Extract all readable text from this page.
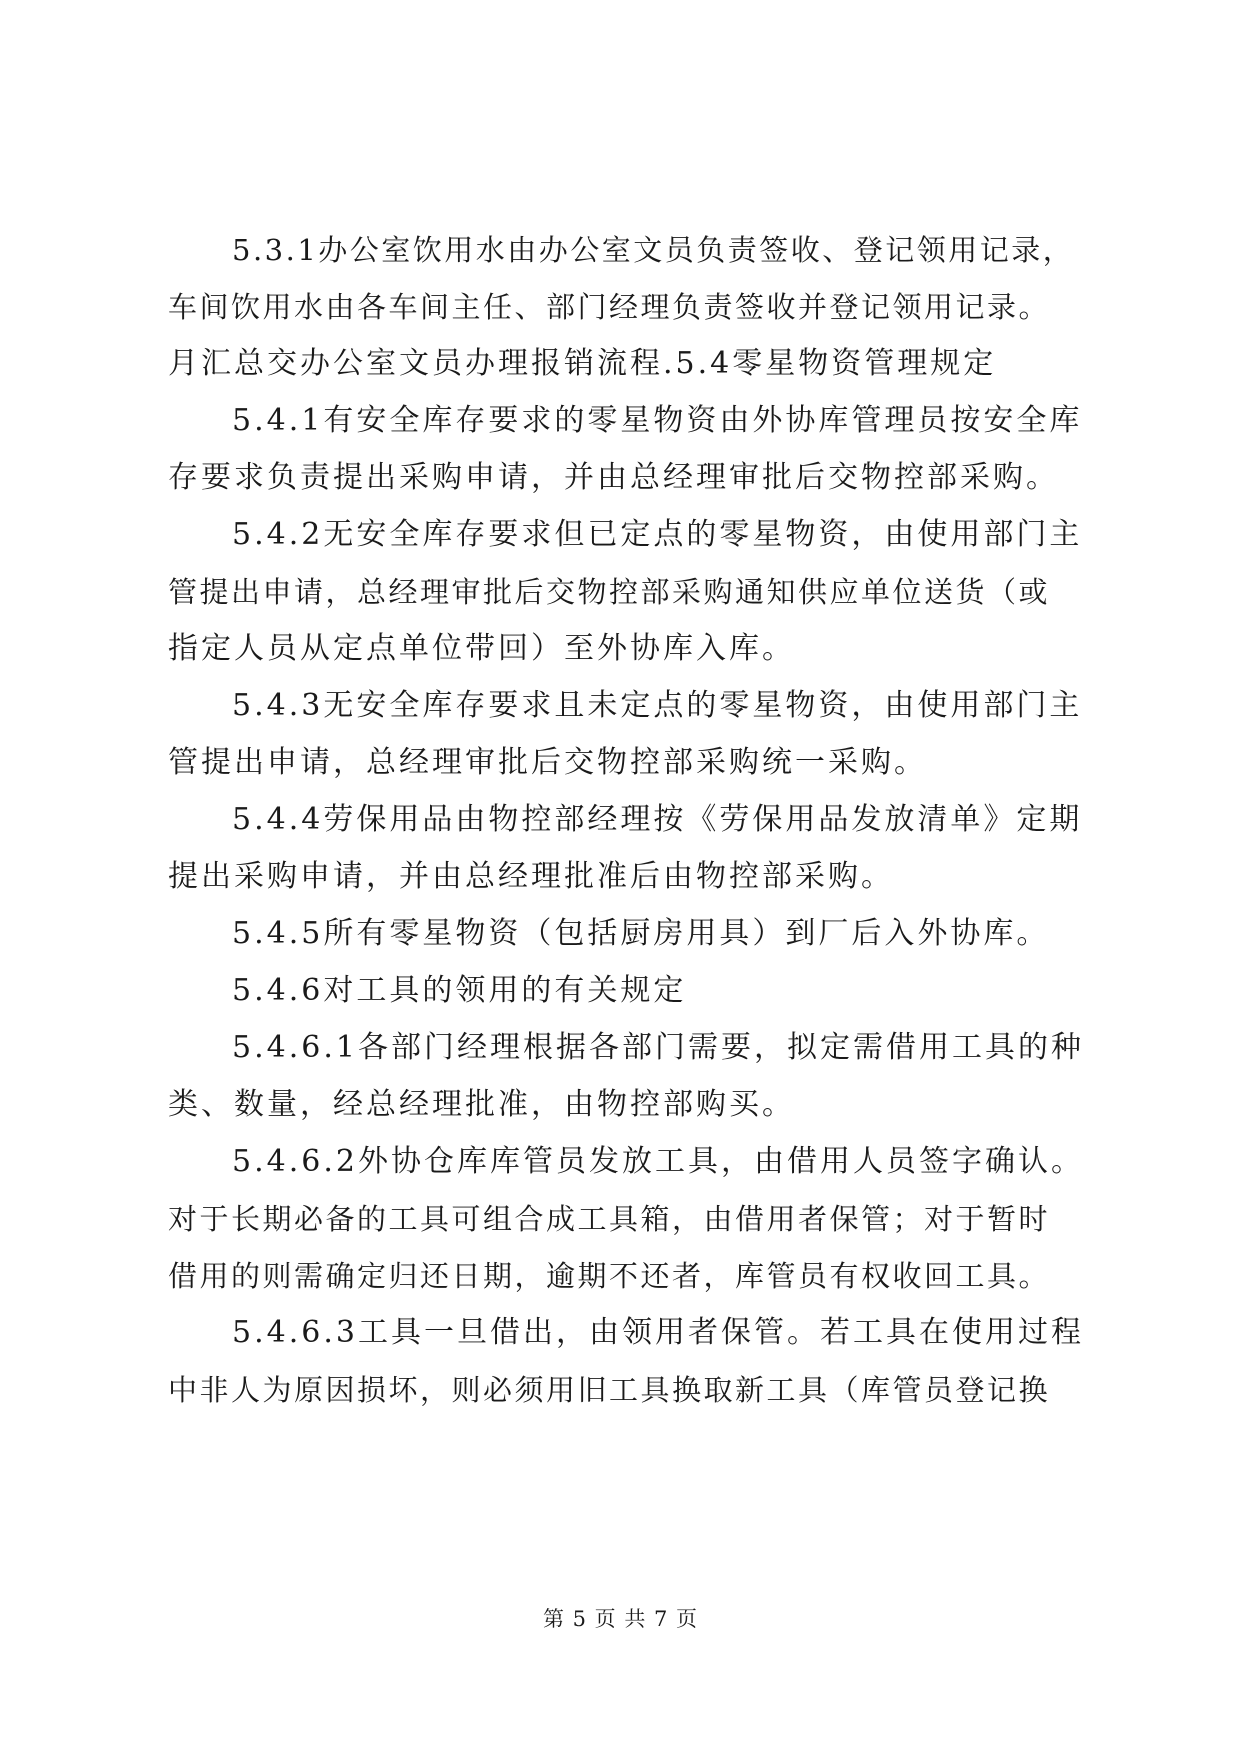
5.3.1办公室饮用水由办公室文员负责签收、登记领用记录，
车间饮用水由各车间主任、部门经理负责签收并登记领用记录。
月汇总交办公室文员办理报销流程.5.4零星物资管理规定
5.4.1有安全库存要求的零星物资由外协库管理员按安全库
存要求负责提出采购申请，并由总经理审批后交物控部采购。
5.4.2无安全库存要求但已定点的零星物资，由使用部门主
管提出申请，总经理审批后交物控部采购通知供应单位送货（或
指定人员从定点单位带回）至外协库入库。
5.4.3无安全库存要求且未定点的零星物资，由使用部门主
管提出申请，总经理审批后交物控部采购统一采购。
5.4.4劳保用品由物控部经理按《劳保用品发放清单》定期
提出采购申请，并由总经理批准后由物控部采购。
5.4.5所有零星物资（包括厨房用具）到厂后入外协库。
5.4.6对工具的领用的有关规定
5.4.6.1各部门经理根据各部门需要，拟定需借用工具的种
类、数量，经总经理批准，由物控部购买。
5.4.6.2外协仓库库管员发放工具，由借用人员签字确认。
对于长期必备的工具可组合成工具箱，由借用者保管；对于暂时
借用的则需确定归还日期，逾期不还者，库管员有权收回工具。
5.4.6.3工具一旦借出，由领用者保管。若工具在使用过程
中非人为原因损坏，则必须用旧工具换取新工具（库管员登记换
第 5 页 共 7 页
